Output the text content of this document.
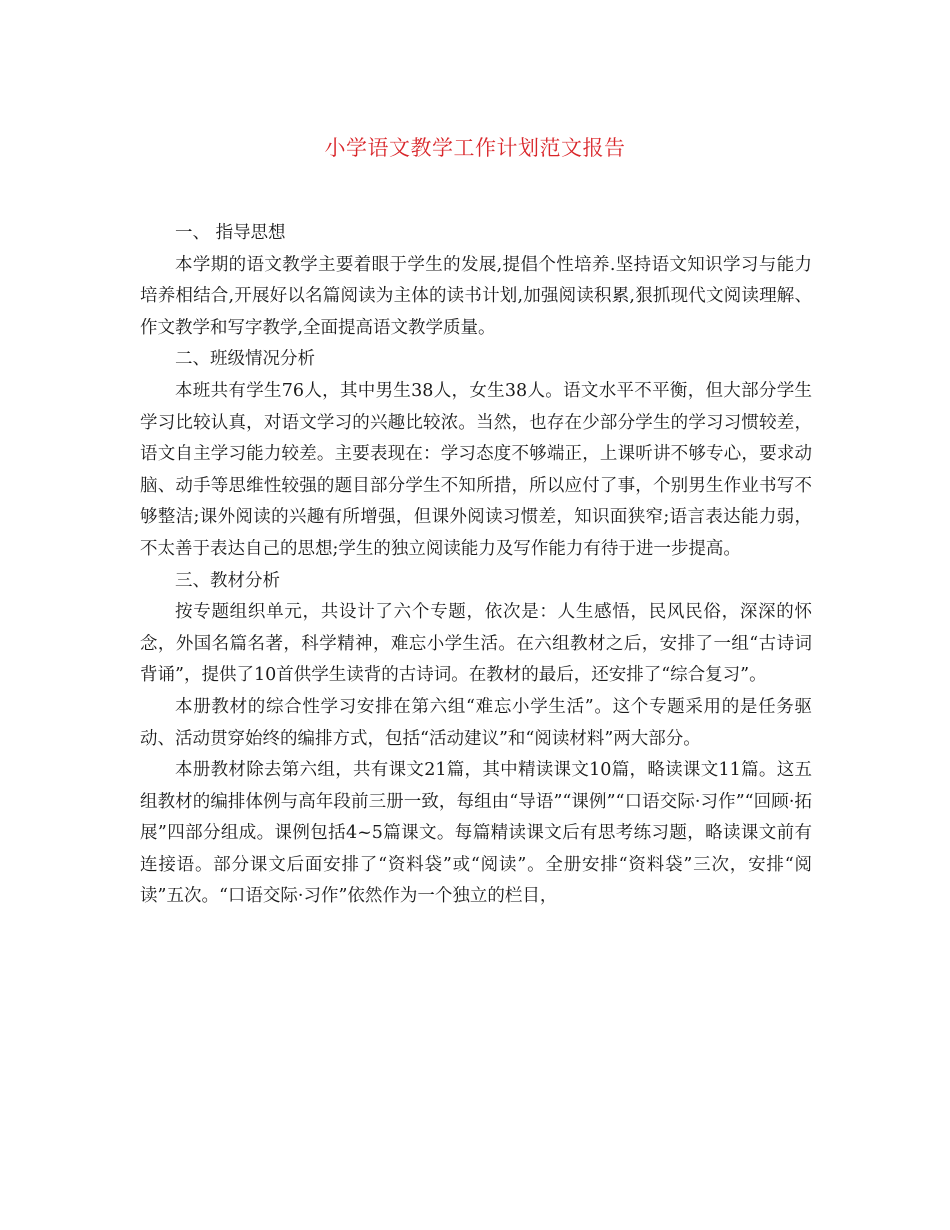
小学语文教学工作计划范文报告

一、 指导思想

本学期的语文教学主要着眼于学生的发展,提倡个性培养.坚持语文知识学习与能力培养相结合,开展好以名篇阅读为主体的读书计划,加强阅读积累,狠抓现代文阅读理解、作文教学和写字教学,全面提高语文教学质量。

二、班级情况分析

本班共有学生76人，其中男生38人，女生38人。语文水平不平衡，但大部分学生学习比较认真，对语文学习的兴趣比较浓。当然，也存在少部分学生的学习习惯较差，语文自主学习能力较差。主要表现在：学习态度不够端正，上课听讲不够专心，要求动脑、动手等思维性较强的题目部分学生不知所措，所以应付了事，个别男生作业书写不够整洁;课外阅读的兴趣有所增强，但课外阅读习惯差，知识面狭窄;语言表达能力弱，不太善于表达自己的思想;学生的独立阅读能力及写作能力有待于进一步提高。

三、教材分析

按专题组织单元，共设计了六个专题，依次是：人生感悟，民风民俗，深深的怀念，外国名篇名著，科学精神，难忘小学生活。在六组教材之后，安排了一组“古诗词背诵”，提供了10首供学生读背的古诗词。在教材的最后，还安排了“综合复习”。

本册教材的综合性学习安排在第六组“难忘小学生活”。这个专题采用的是任务驱动、活动贯穿始终的编排方式，包括“活动建议”和“阅读材料”两大部分。

本册教材除去第六组，共有课文21篇，其中精读课文10篇，略读课文11篇。这五组教材的编排体例与高年段前三册一致，每组由“导语”“课例”“口语交际·习作”“回顾·拓展”四部分组成。课例包括4~5篇课文。每篇精读课文后有思考练习题，略读课文前有连接语。部分课文后面安排了“资料袋”或“阅读”。全册安排“资料袋”三次，安排“阅读”五次。“口语交际·习作”依然作为一个独立的栏目，
